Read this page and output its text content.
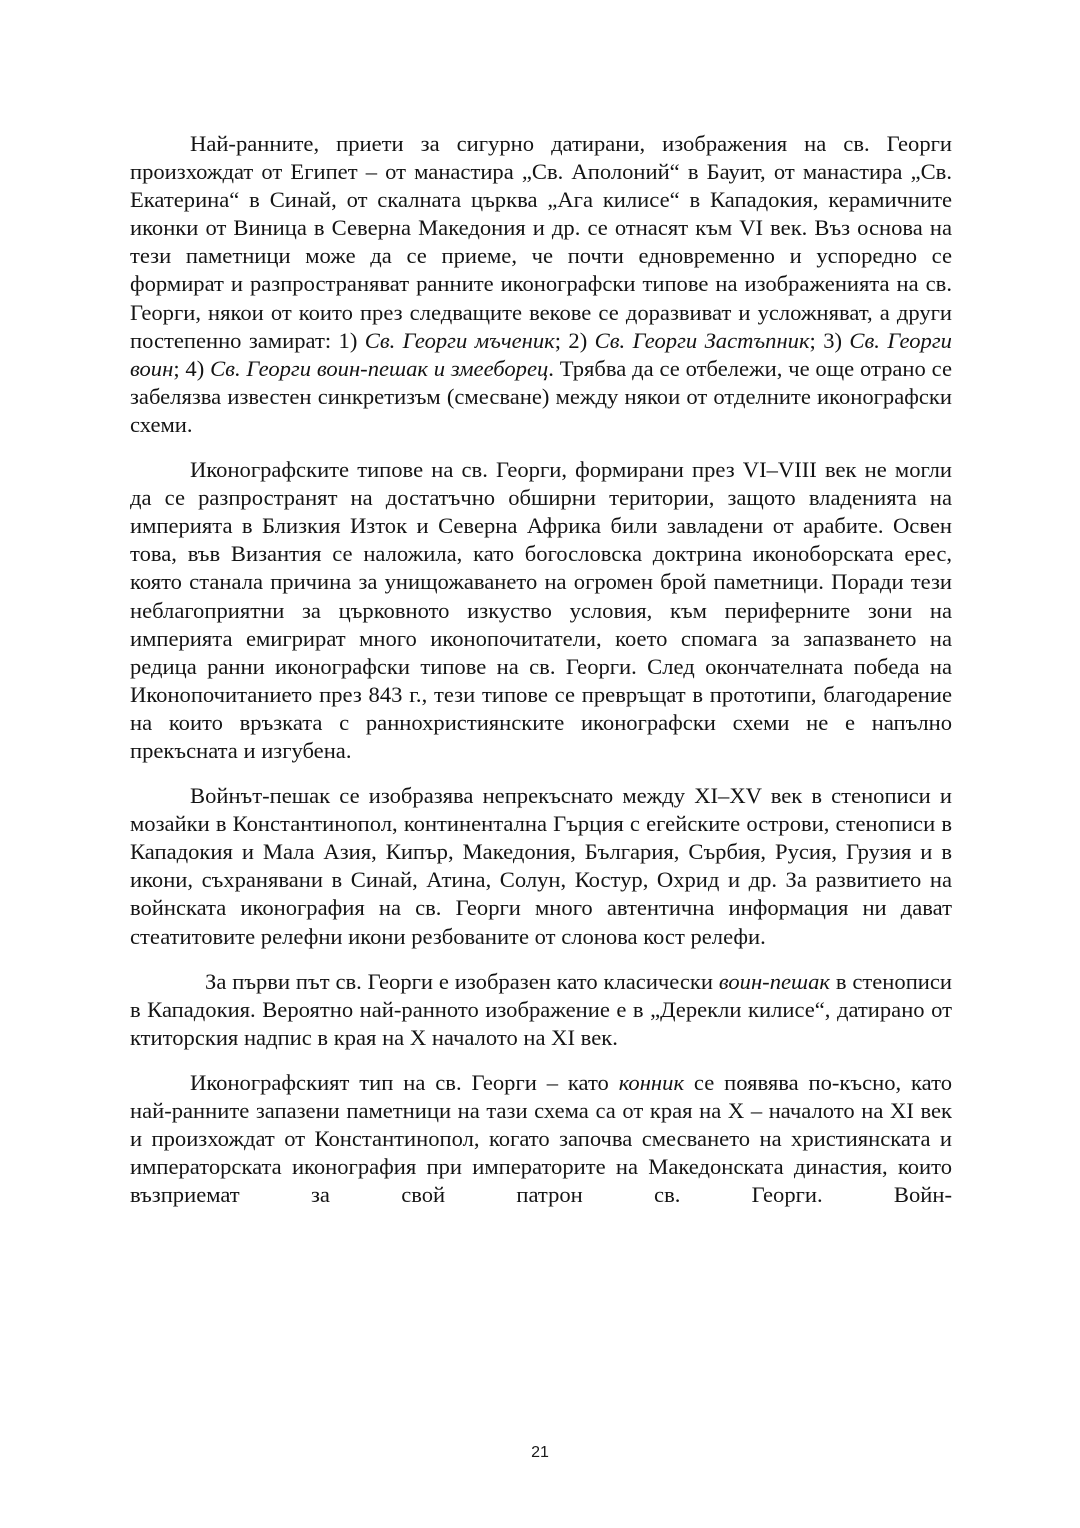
Най-ранните, приети за сигурно датирани, изображения на св. Георги произхождат от Египет – от манастира „Св. Аполоний“ в Бауит, от манастира „Св. Екатерина“ в Синай, от скалната църква „Ага килисе“ в Кападокия, керамичните иконки от Виница в Северна Македония и др. се отнасят към VI век. Въз основа на тези паметници може да се приеме, че почти едновременно и успоредно се формират и разпространяват ранните иконографски типове на изображенията на св. Георги, някои от които през следващите векове се доразвиват и усложняват, а други постепенно замират: 1) Св. Георги мъченик; 2) Св. Георги Застъпник; 3) Св. Георги воин; 4) Св. Георги воин-пешак и змееборец. Трябва да се отбележи, че още отрано се забелязва известен синкретизъм (смесване) между някои от отделните иконографски схеми.

Иконографските типове на св. Георги, формирани през VI–VIII век не могли да се разпространят на достатъчно обширни територии, защото владенията на империята в Близкия Изток и Северна Африка били завладени от арабите. Освен това, във Византия се наложила, като богословска доктрина иконоборската ерес, която станала причина за унищожаването на огромен брой паметници. Поради тези неблагоприятни за църковното изкуство условия, към периферните зони на империята емигрират много иконопочитатели, което спомага за запазването на редица ранни иконографски типове на св. Георги. След окончателната победа на Иконопочитанието през 843 г., тези типове се превръщат в прототипи, благодарение на които връзката с раннохристиянските иконографски схеми не е напълно прекъсната и изгубена.

Войнът-пешак се изобразява непрекъснато между XI–XV век в стенописи и мозайки в Константинопол, континентална Гърция с егейските острови, стенописи в Кападокия и Мала Азия, Кипър, Македония, България, Сърбия, Русия, Грузия и в икони, съхранявани в Синай, Атина, Солун, Костур, Охрид и др. За развитието на войнската иконография на св. Георги много автентична информация ни дават стеатитовите релефни икони резбованите от слонова кост релефи.

За първи път св. Георги е изобразен като класически воин-пешак в стенописи в Кападокия. Вероятно най-ранното изображение е в „Дерекли килисе“, датирано от ктиторския надпис в края на Х началото на XI век.

Иконографският тип на св. Георги – като конник се появява по-късно, като най-ранните запазени паметници на тази схема са от края на Х – началото на XI век и произхождат от Константинопол, когато започва смесването на християнската и императорската иконография при императорите на Македонската династия, които възприемат за свой патрон св. Георги. Войн-

21
